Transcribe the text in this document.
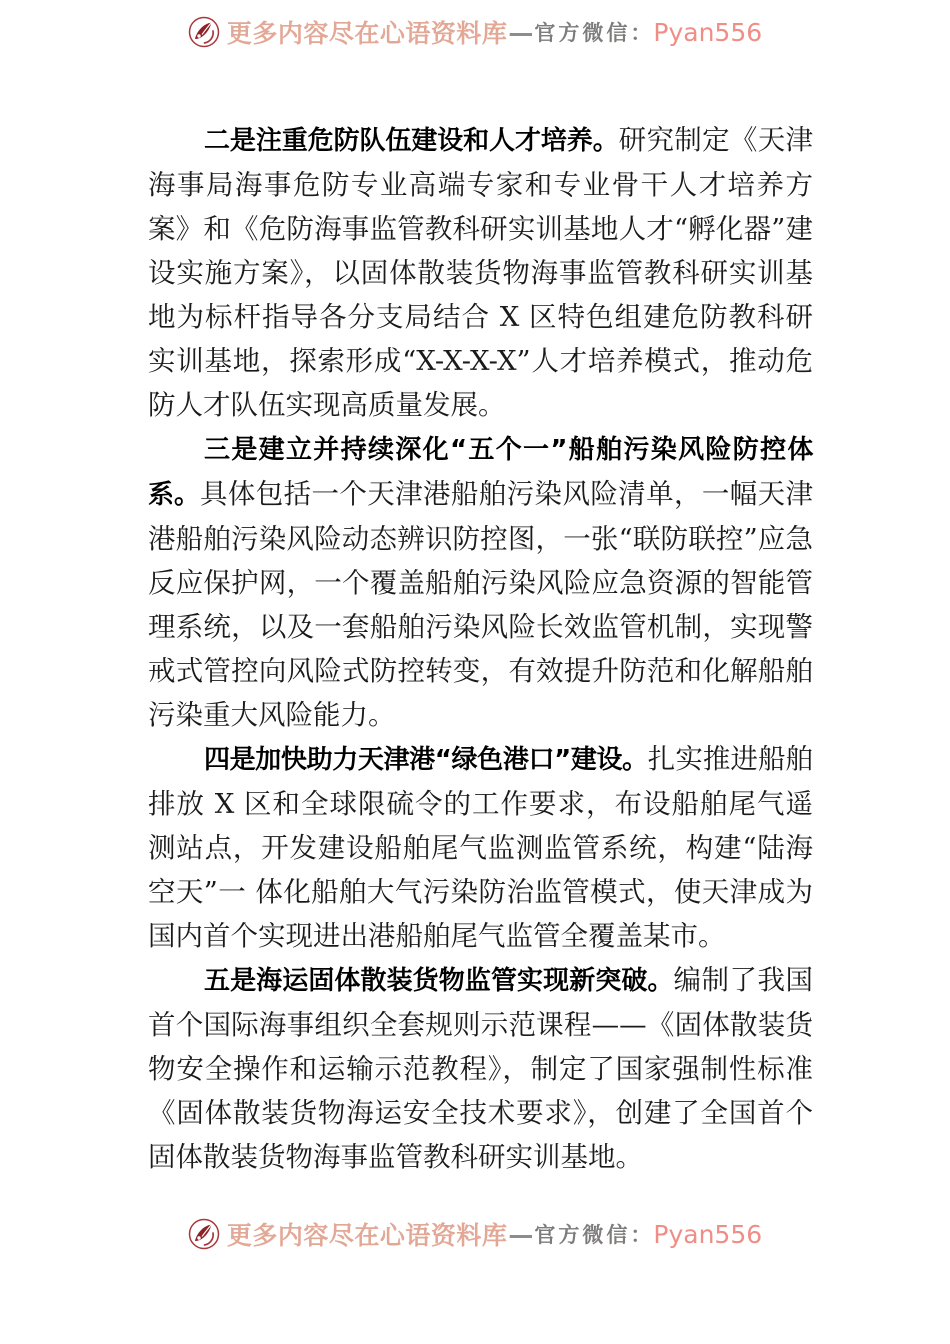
更多内容尽在心语资料库 — 官方微信 ： Pyan556

二是注重危防队伍建设和人才培养。研究制定《天津海事局海事危防专业高端专家和专业骨干人才培养方案》和《危防海事监管教科研实训基地人才“孵化器”建设实施方案》，以固体散装货物海事监管教科研实训基地为标杆指导各分支局结合 X 区特色组建危防教科研实训基地，探索形成“X-X-X-X”人才培养模式，推动危防人才队伍实现高质量发展。

三是建立并持续深化“五个一”船舶污染风险防控体系。具体包括一个天津港船舶污染风险清单，一幅天津港船舶污染风险动态辨识防控图，一张“联防联控”应急反应保护网，一个覆盖船舶污染风险应急资源的智能管理系统，以及一套船舶污染风险长效监管机制，实现警戒式管控向风险式防控转变，有效提升防范和化解船舶污染重大风险能力。

四是加快助力天津港“绿色港口”建设。扎实推进船舶排放 X 区和全球限硫令的工作要求，布设船舶尾气遥测站点，开发建设船舶尾气监测监管系统，构建“陆海空天”一 体化船舶大气污染防治监管模式，使天津成为国内首个实现进出港船舶尾气监管全覆盖某市。

五是海运固体散装货物监管实现新突破。编制了我国首个国际海事组织全套规则示范课程——《固体散装货物安全操作和运输示范教程》，制定了国家强制性标准《固体散装货物海运安全技术要求》，创建了全国首个固体散装货物海事监管教科研实训基地。

更多内容尽在心语资料库 — 官方微信 ： Pyan556
